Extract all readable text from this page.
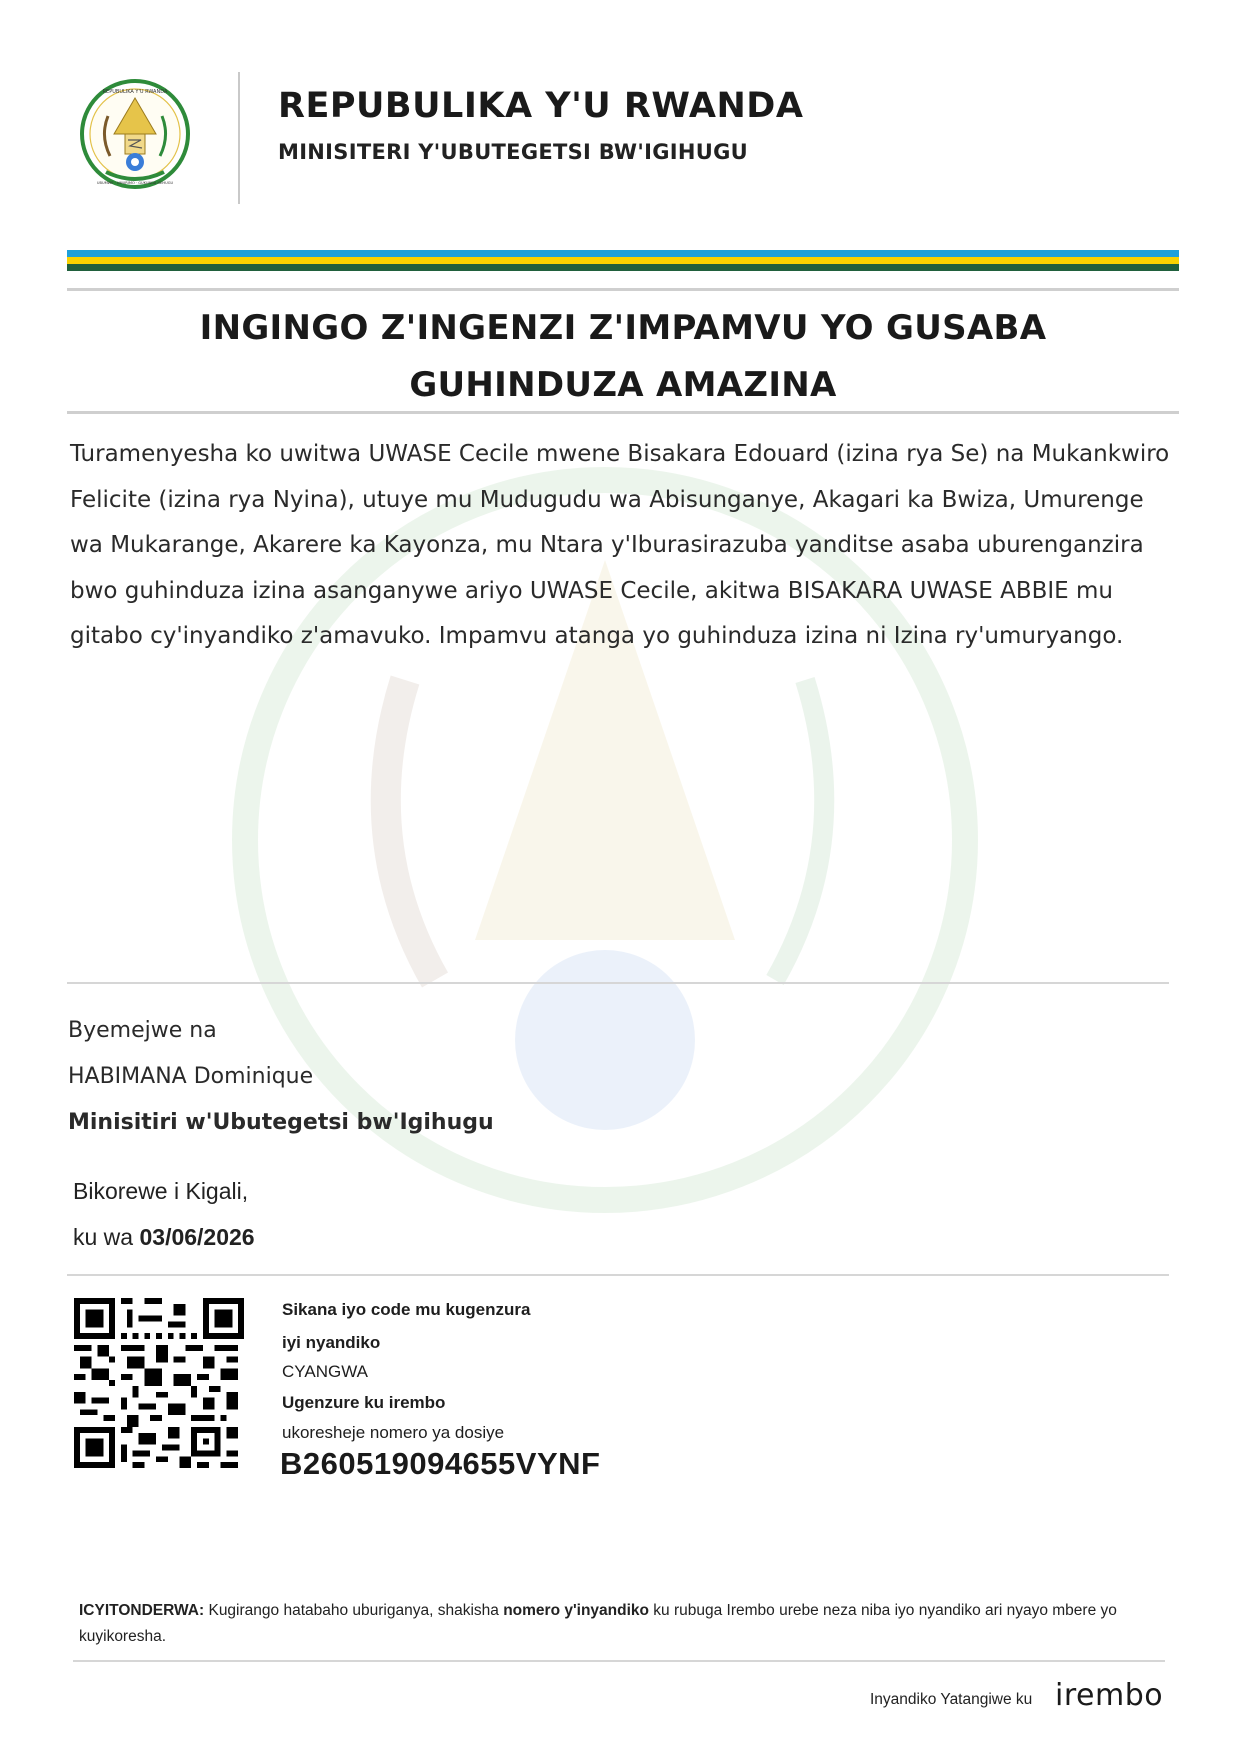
REPUBULIKA Y'U RWANDA
UBUMWE · UMURIMO · GUKUNDA IGIHUGU
REPUBULIKA Y'U RWANDA
MINISITERI Y'UBUTEGETSI BW'IGIHUGU
INGINGO Z'INGENZI Z'IMPAMVU YO GUSABA
GUHINDUZA AMAZINA
Turamenyesha ko uwitwa UWASE Cecile mwene Bisakara Edouard (izina rya Se) na Mukankwiro Felicite (izina rya Nyina), utuye mu Mudugudu wa Abisunganye, Akagari ka Bwiza, Umurenge wa Mukarange, Akarere ka Kayonza, mu Ntara y'Iburasirazuba yanditse asaba uburenganzira bwo guhinduza izina asanganywe ariyo UWASE Cecile, akitwa BISAKARA UWASE ABBIE mu gitabo cy'inyandiko z'amavuko. Impamvu atanga yo guhinduza izina ni Izina ry'umuryango.
Byemejwe na
HABIMANA Dominique
Minisitiri w'Ubutegetsi bw'Igihugu
Bikorewe i Kigali,
ku wa 03/06/2026
Sikana iyo code mu kugenzura
iyi nyandiko
CYANGWA
Ugenzure ku irembo
ukoresheje nomero ya dosiye
B260519094655VYNF
ICYITONDERWA: Kugirango hatabaho uburiganya, shakisha nomero y'inyandiko ku rubuga Irembo urebe neza niba iyo nyandiko ari nyayo mbere yo kuyikoresha.
Inyandiko Yatangiwe ku irembo
